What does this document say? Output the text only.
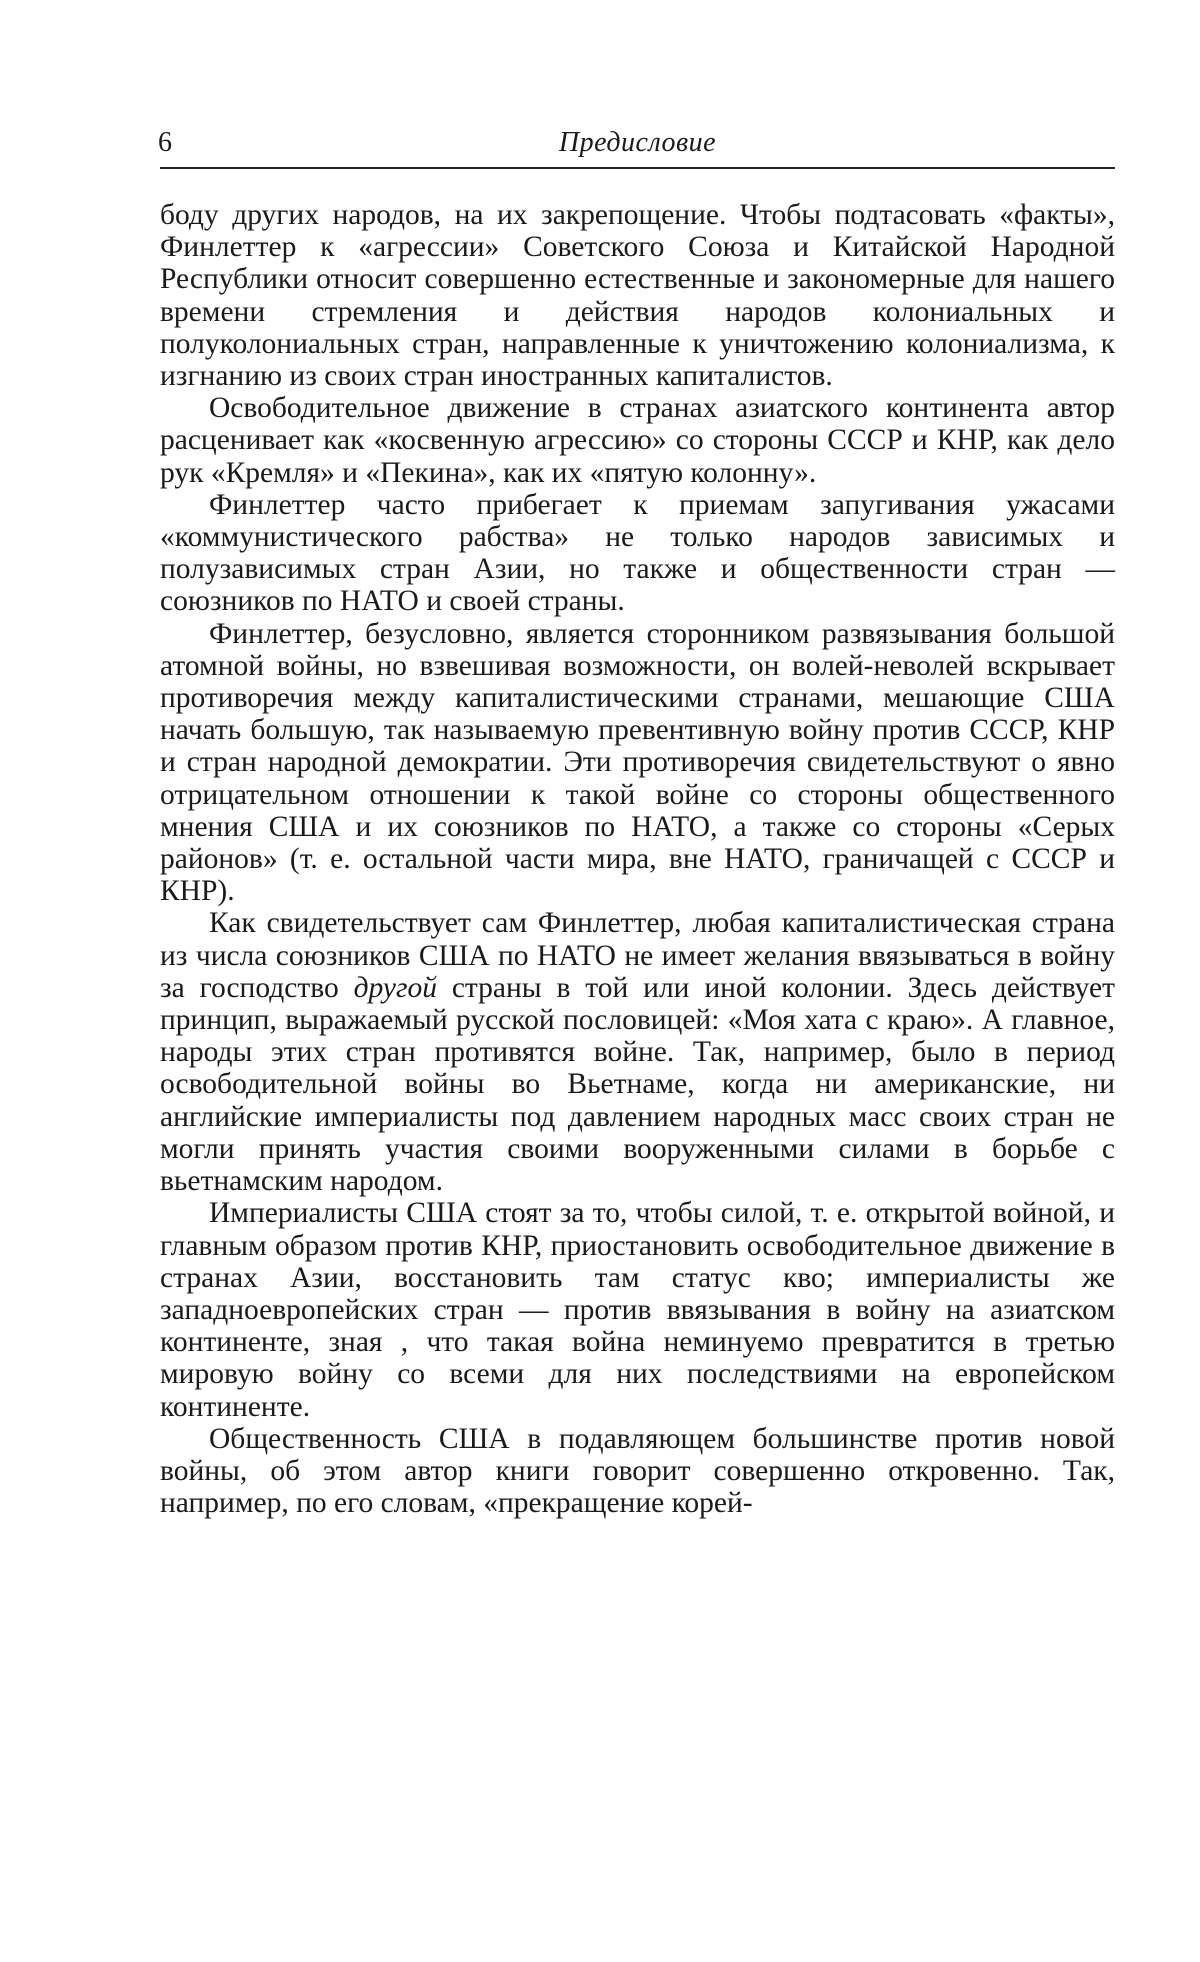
6	Предисловие

боду других народов, на их закрепощение. Чтобы подтасовать «факты», Финлеттер к «агрессии» Советского Союза и Китайской Народной Республики относит совершенно естественные и закономерные для нашего времени стремления и действия народов колониальных и полуколониальных стран, направленные к уничтожению колониализма, к изгнанию из своих стран иностранных капиталистов.

Освободительное движение в странах азиатского континента автор расценивает как «косвенную агрессию» со стороны СССР и КНР, как дело рук «Кремля» и «Пекина», как их «пятую колонну».

Финлеттер часто прибегает к приемам запугивания ужасами «коммунистического рабства» не только народов зависимых и полузависимых стран Азии, но также и общественности стран — союзников по НАТО и своей страны.

Финлеттер, безусловно, является сторонником развязывания большой атомной войны, но взвешивая возможности, он волей-неволей вскрывает противоречия между капиталистическими странами, мешающие США начать большую, так называемую превентивную войну против СССР, КНР и стран народной демократии. Эти противоречия свидетельствуют о явно отрицательном отношении к такой войне со стороны общественного мнения США и их союзников по НАТО, а также со стороны «Серых районов» (т. е. остальной части мира, вне НАТО, граничащей с СССР и КНР).

Как свидетельствует сам Финлеттер, любая капиталистическая страна из числа союзников США по НАТО не имеет желания ввязываться в войну за господство другой страны в той или иной колонии. Здесь действует принцип, выражаемый русской пословицей: «Моя хата с краю». А главное, народы этих стран противятся войне. Так, например, было в период освободительной войны во Вьетнаме, когда ни американские, ни английские империалисты под давлением народных масс своих стран не могли принять участия своими вооруженными силами в борьбе с вьетнамским народом.

Империалисты США стоят за то, чтобы силой, т. е. открытой войной, и главным образом против КНР, приостановить освободительное движение в странах Азии, восстановить там статус кво; империалисты же западноевропейских стран — против ввязывания в войну на азиатском континенте, зная , что такая война неминуемо превратится в третью мировую войну со всеми для них последствиями на европейском континенте.

Общественность США в подавляющем большинстве против новой войны, об этом автор книги говорит совершенно откровенно. Так, например, по его словам, «прекращение корей-
